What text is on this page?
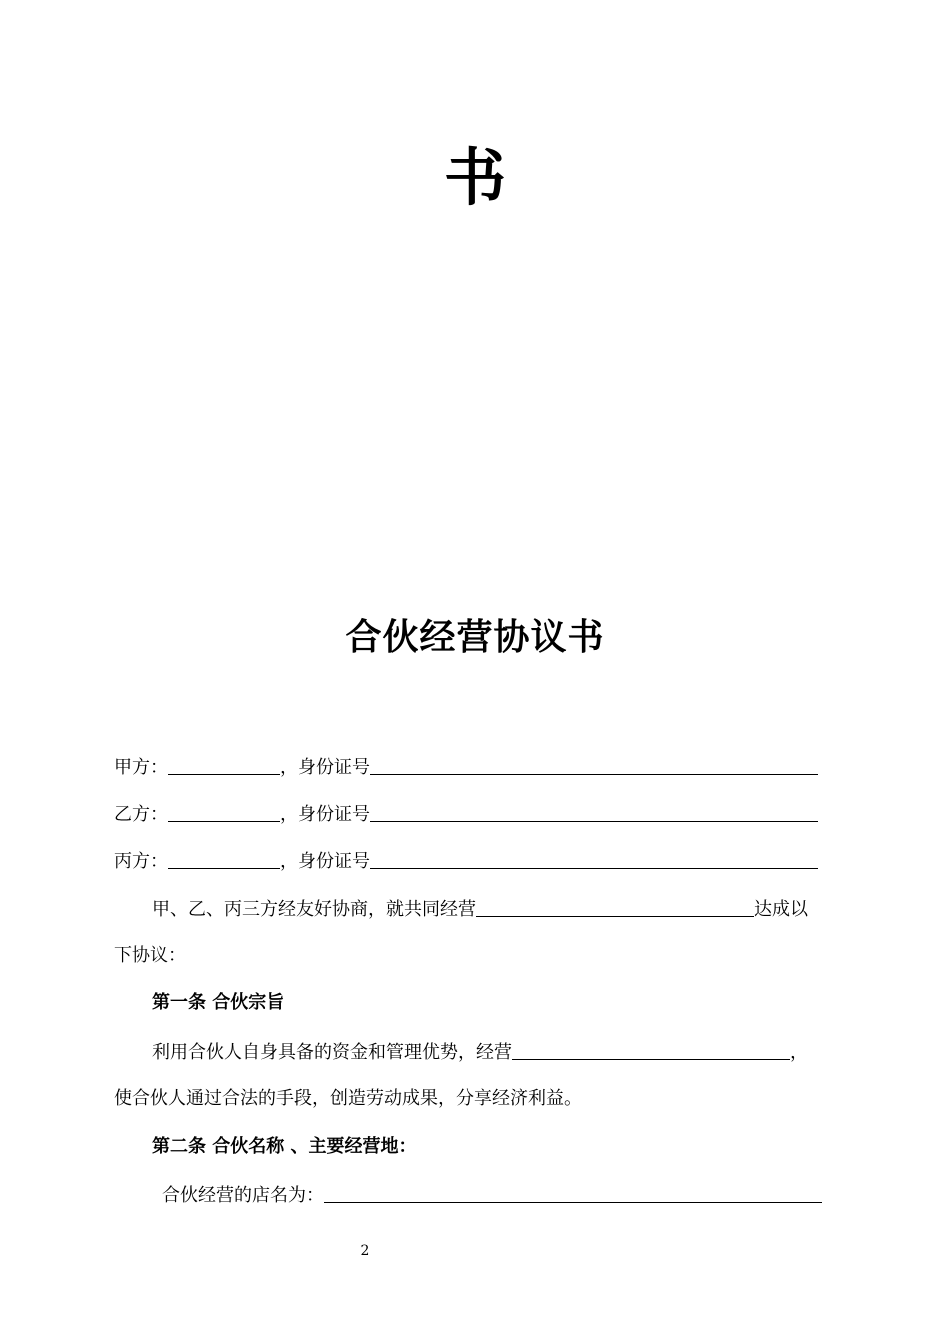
书
合伙经营协议书
甲方：	，身份证号
乙方：	，身份证号
丙方：	，身份证号
甲、乙、丙三方经友好协商，就共同经营	达成以
下协议：
第一条 合伙宗旨
利用合伙人自身具备的资金和管理优势，经营	，
使合伙人通过合法的手段，创造劳动成果，分享经济利益。
第二条 合伙名称 、主要经营地：
合伙经营的店名为：
2
